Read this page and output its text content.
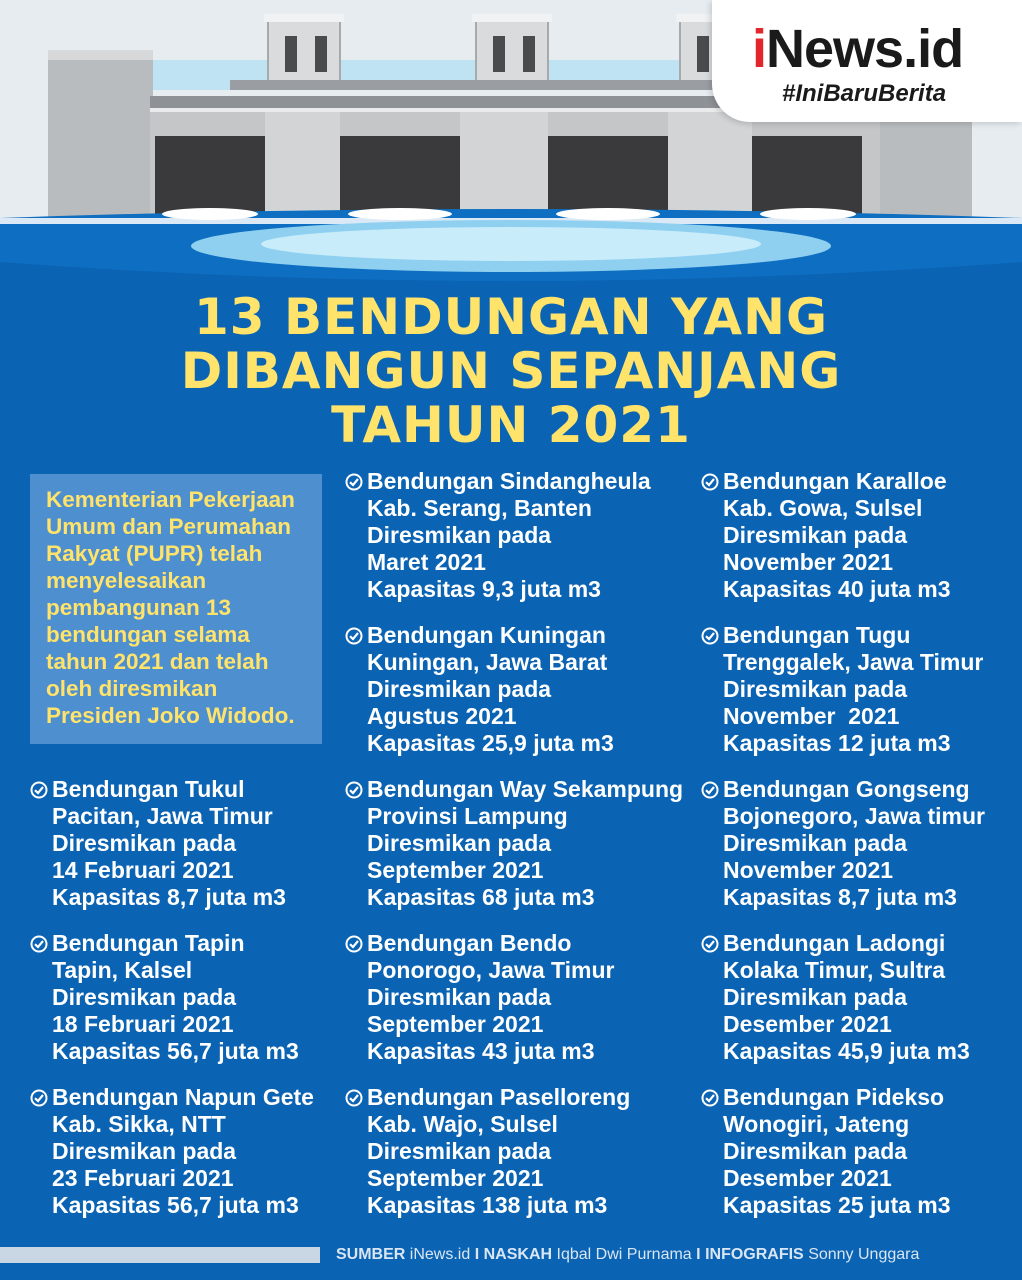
iNews.id
#IniBaruBerita
13 BENDUNGAN YANG
DIBANGUN SEPANJANG
TAHUN 2021
Kementerian Pekerjaan
Umum dan Perumahan
Rakyat (PUPR) telah
menyelesaikan
pembangunan 13
bendungan selama
tahun 2021 dan telah
oleh diresmikan
Presiden Joko Widodo.
Bendungan Tukul
Pacitan, Jawa Timur
Diresmikan pada
14 Februari 2021
Kapasitas 8,7 juta m3
Bendungan Tapin
Tapin, Kalsel
Diresmikan pada
18 Februari 2021
Kapasitas 56,7 juta m3
Bendungan Napun Gete
Kab. Sikka, NTT
Diresmikan pada
23 Februari 2021
Kapasitas 56,7 juta m3
Bendungan Sindangheula
Kab. Serang, Banten
Diresmikan pada
Maret 2021
Kapasitas 9,3 juta m3
Bendungan Kuningan
Kuningan, Jawa Barat
Diresmikan pada
Agustus 2021
Kapasitas 25,9 juta m3
Bendungan Way Sekampung
Provinsi Lampung
Diresmikan pada
September 2021
Kapasitas 68 juta m3
Bendungan Bendo
Ponorogo, Jawa Timur
Diresmikan pada
September 2021
Kapasitas 43 juta m3
Bendungan Paselloreng
Kab. Wajo, Sulsel
Diresmikan pada
September 2021
Kapasitas 138 juta m3
Bendungan Karalloe
Kab. Gowa, Sulsel
Diresmikan pada
November 2021
Kapasitas 40 juta m3
Bendungan Tugu
Trenggalek, Jawa Timur
Diresmikan pada
November  2021
Kapasitas 12 juta m3
Bendungan Gongseng
Bojonegoro, Jawa timur
Diresmikan pada
November 2021
Kapasitas 8,7 juta m3
Bendungan Ladongi
Kolaka Timur, Sultra
Diresmikan pada
Desember 2021
Kapasitas 45,9 juta m3
Bendungan Pidekso
Wonogiri, Jateng
Diresmikan pada
Desember 2021
Kapasitas 25 juta m3
SUMBER iNews.id I NASKAH Iqbal Dwi Purnama I INFOGRAFIS Sonny Unggara
